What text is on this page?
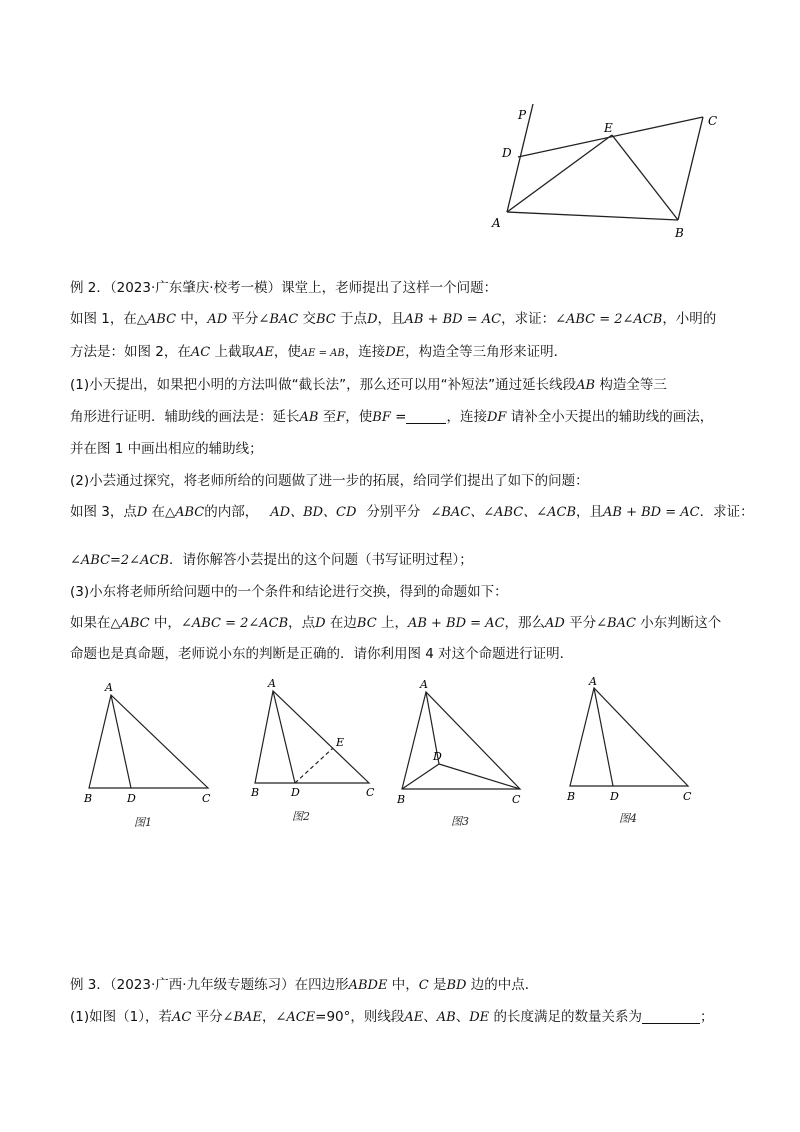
P
E	C
D
A
B
例 2．（2023·广东肇庆·校考一模）课堂上，老师提出了这样一个问题：
如图 1，在△ABC 中，AD 平分∠BAC 交BC 于点D，且AB + BD = AC，求证：∠ABC = 2∠ACB，小明的
方法是：如图 2，在AC 上截取AE，使AE = AB，连接DE，构造全等三角形来证明．
(1)小天提出，如果把小明的方法叫做“截长法”，那么还可以用“补短法”通过延长线段AB 构造全等三
角形进行证明．辅助线的画法是：延长AB 至F，使BF =	，连接DF 请补全小天提出的辅助线的画法，
并在图 1 中画出相应的辅助线；
(2)小芸通过探究，将老师所给的问题做了进一步的拓展，给同学们提出了如下的问题：
如图 3，点D 在△ABC的内部， AD、BD、CD 分别平分 ∠BAC、∠ABC、∠ACB，且AB + BD = AC．求证：
∠ABC=2∠ACB．请你解答小芸提出的这个问题（书写证明过程）；
(3)小东将老师所给问题中的一个条件和结论进行交换，得到的命题如下：
如果在△ABC 中，∠ABC = 2∠ACB，点D 在边BC 上，AB + BD = AC，那么AD 平分∠BAC 小东判断这个
命题也是真命题，老师说小东的判断是正确的．请你利用图 4 对这个命题进行证明．
A
B	D	C
图1
A
E
B	D	C
图2
A
D
B	C
图3
A
B	D	C
图4
例 3．（2023·广西·九年级专题练习）在四边形ABDE 中，C 是BD 边的中点．
(1)如图（1），若AC 平分∠BAE，∠ACE=90°，则线段AE、AB、DE 的长度满足的数量关系为	；
